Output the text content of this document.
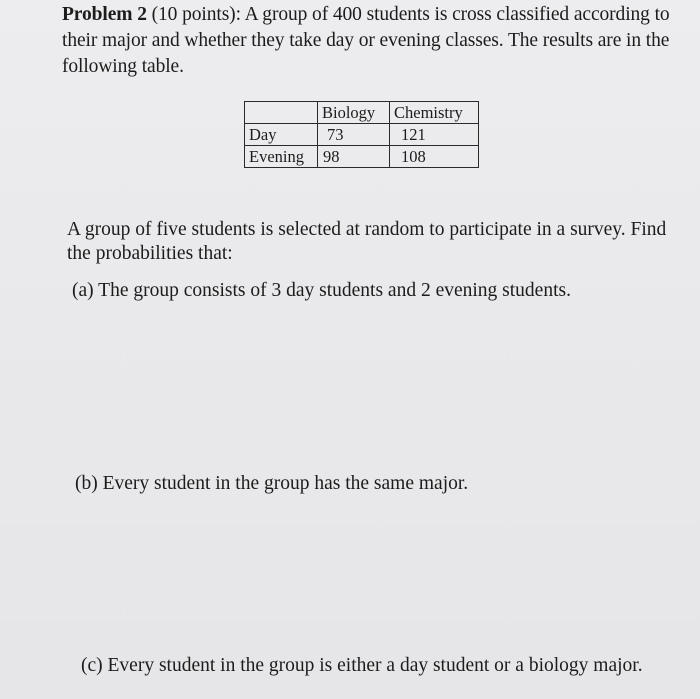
Problem 2 (10 points): A group of 400 students is cross classified according to their major and whether they take day or evening classes. The results are in the following table.
	Biology	Chemistry
Day	73	121
Evening	98	108
A group of five students is selected at random to participate in a survey. Find the probabilities that:
(a) The group consists of 3 day students and 2 evening students.
(b) Every student in the group has the same major.
(c) Every student in the group is either a day student or a biology major.
